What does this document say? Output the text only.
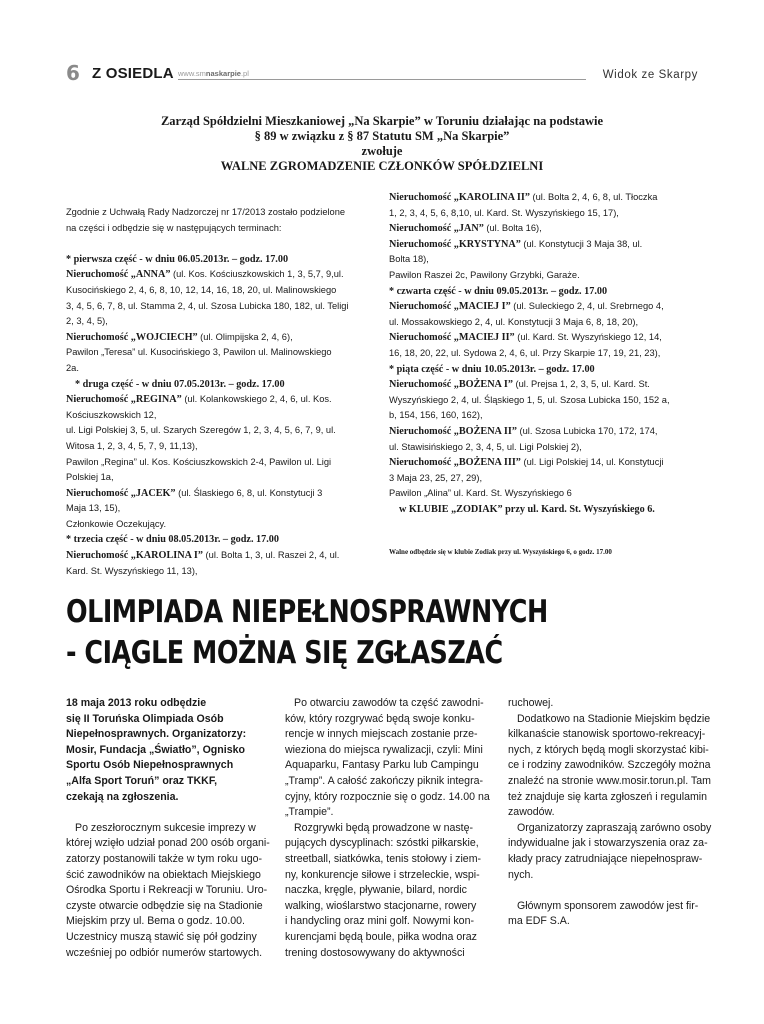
6 Z OSIEDLA www.smnaskarpie.pl	Widok ze Skarpy
Zarząd Spółdzielni Mieszkaniowej „Na Skarpie” w Toruniu działając na podstawie
§ 89 w związku z § 87 Statutu SM „Na Skarpie”
zwołuje
WALNE ZGROMADZENIE CZŁONKÓW SPÓŁDZIELNI
Zgodnie z Uchwałą Rady Nadzorczej nr 17/2013 zostało podzielone
na części i odbędzie się w następujących terminach:
* pierwsza część - w dniu 06.05.2013r. – godz. 17.00
Nieruchomość „ANNA” (ul. Kos. Kościuszkowskich 1, 3, 5,7, 9,ul.
Kusocińskiego 2, 4, 6, 8, 10, 12, 14, 16, 18, 20, ul. Malinowskiego
3, 4, 5, 6, 7, 8, ul. Stamma 2, 4, ul. Szosa Lubicka 180, 182, ul. Teligi
2, 3, 4, 5),
Nieruchomość „WOJCIECH” (ul. Olimpijska 2, 4, 6),
Pawilon „Teresa” ul. Kusocińskiego 3, Pawilon ul. Malinowskiego
2a.
* druga część - w dniu 07.05.2013r. – godz. 17.00
Nieruchomość „REGINA” (ul. Kolankowskiego 2, 4, 6, ul. Kos.
Kościuszkowskich 12,
ul. Ligi Polskiej 3, 5, ul. Szarych Szeregów 1, 2, 3, 4, 5, 6, 7, 9, ul.
Witosa 1, 2, 3, 4, 5, 7, 9, 11,13),
Pawilon „Regina” ul. Kos. Kościuszkowskich 2-4, Pawilon ul. Ligi
Polskiej 1a,
Nieruchomość „JACEK” (ul. Ślaskiego 6, 8, ul. Konstytucji 3
Maja 13, 15),
Członkowie Oczekujący.
* trzecia część - w dniu 08.05.2013r. – godz. 17.00
Nieruchomość „KAROLINA I” (ul. Bolta 1, 3, ul. Raszei 2, 4, ul.
Kard. St. Wyszyńskiego 11, 13),
Nieruchomość „KAROLINA II” (ul. Bolta 2, 4, 6, 8, ul. Tłoczka
1, 2, 3, 4, 5, 6, 8,10, ul. Kard. St. Wyszyńskiego 15, 17),
Nieruchomość „JAN” (ul. Bolta 16),
Nieruchomość „KRYSTYNA” (ul. Konstytucji 3 Maja 38, ul.
Bolta 18),
Pawilon Raszei 2c, Pawilony Grzybki, Garaże.
* czwarta część - w dniu 09.05.2013r. – godz. 17.00
Nieruchomość „MACIEJ I” (ul. Suleckiego 2, 4, ul. Srebrnego 4,
ul. Mossakowskiego 2, 4, ul. Konstytucji 3 Maja 6, 8, 18, 20),
Nieruchomość „MACIEJ II” (ul. Kard. St. Wyszyńskiego 12, 14,
16, 18, 20, 22, ul. Sydowa 2, 4, 6, ul. Przy Skarpie 17, 19, 21, 23),
* piąta część - w dniu 10.05.2013r. – godz. 17.00
Nieruchomość „BOŻENA I” (ul. Prejsa 1, 2, 3, 5, ul. Kard. St.
Wyszyńskiego 2, 4, ul. Śląskiego 1, 5, ul. Szosa Lubicka 150, 152 a,
b, 154, 156, 160, 162),
Nieruchomość „BOŻENA II” (ul. Szosa Lubicka 170, 172, 174,
ul. Stawisińskiego 2, 3, 4, 5, ul. Ligi Polskiej 2),
Nieruchomość „BOŻENA III” (ul. Ligi Polskiej 14, ul. Konstytucji
3 Maja 23, 25, 27, 29),
Pawilon „Alina” ul. Kard. St. Wyszyńskiego 6
w KLUBIE „ZODIAK” przy ul. Kard. St. Wyszyńskiego 6.
Walne odbędzie się w klubie Zodiak przy ul. Wyszyńskiego 6, o godz. 17.00
OLIMPIADA NIEPEŁNOSPRAWNYCH
- CIĄGLE MOŻNA SIĘ ZGŁASZAĆ
18 maja 2013 roku odbędzie
się II Toruńska Olimpiada Osób
Niepełnosprawnych. Organizatorzy:
Mosir, Fundacja „Światło”, Ognisko
Sportu Osób Niepełnosprawnych
„Alfa Sport Toruń” oraz TKKF,
czekają na zgłoszenia.
Po zeszłorocznym sukcesie imprezy w
której wzięło udział ponad 200 osób organi-
zatorzy postanowili także w tym roku ugo-
ścić zawodników na obiektach Miejskiego
Ośrodka Sportu i Rekreacji w Toruniu. Uro-
czyste otwarcie odbędzie się na Stadionie
Miejskim przy ul. Bema o godz. 10.00.
Uczestnicy muszą stawić się pół godziny
wcześniej po odbiór numerów startowych.
Po otwarciu zawodów ta część zawodni-
ków, który rozgrywać będą swoje konku-
rencje w innych miejscach zostanie prze-
wieziona do miejsca rywalizacji, czyli: Mini
Aquaparku, Fantasy Parku lub Campingu
„Tramp”. A całość zakończy piknik integra-
cyjny, który rozpocznie się o godz. 14.00 na
„Trampie”.
Rozgrywki będą prowadzone w nastę-
pujących dyscyplinach: szóstki piłkarskie,
streetball, siatkówka, tenis stołowy i ziem-
ny, konkurencje siłowe i strzeleckie, wspi-
naczka, kręgle, pływanie, bilard, nordic
walking, wioślarstwo stacjonarne, rowery
i handycling oraz mini golf. Nowymi kon-
kurencjami będą boule, piłka wodna oraz
trening dostosowywany do aktywności
ruchowej.
Dodatkowo na Stadionie Miejskim będzie
kilkanaście stanowisk sportowo-rekreacyj-
nych, z których będą mogli skorzystać kibi-
ce i rodziny zawodników. Szczegóły można
znaleźć na stronie www.mosir.torun.pl. Tam
też znajduje się karta zgłoszeń i regulamin
zawodów.
Organizatorzy zapraszają zarówno osoby
indywidualne jak i stowarzyszenia oraz za-
kłady pracy zatrudniające niepełnospraw-
nych.
Głównym sponsorem zawodów jest fir-
ma EDF S.A.
